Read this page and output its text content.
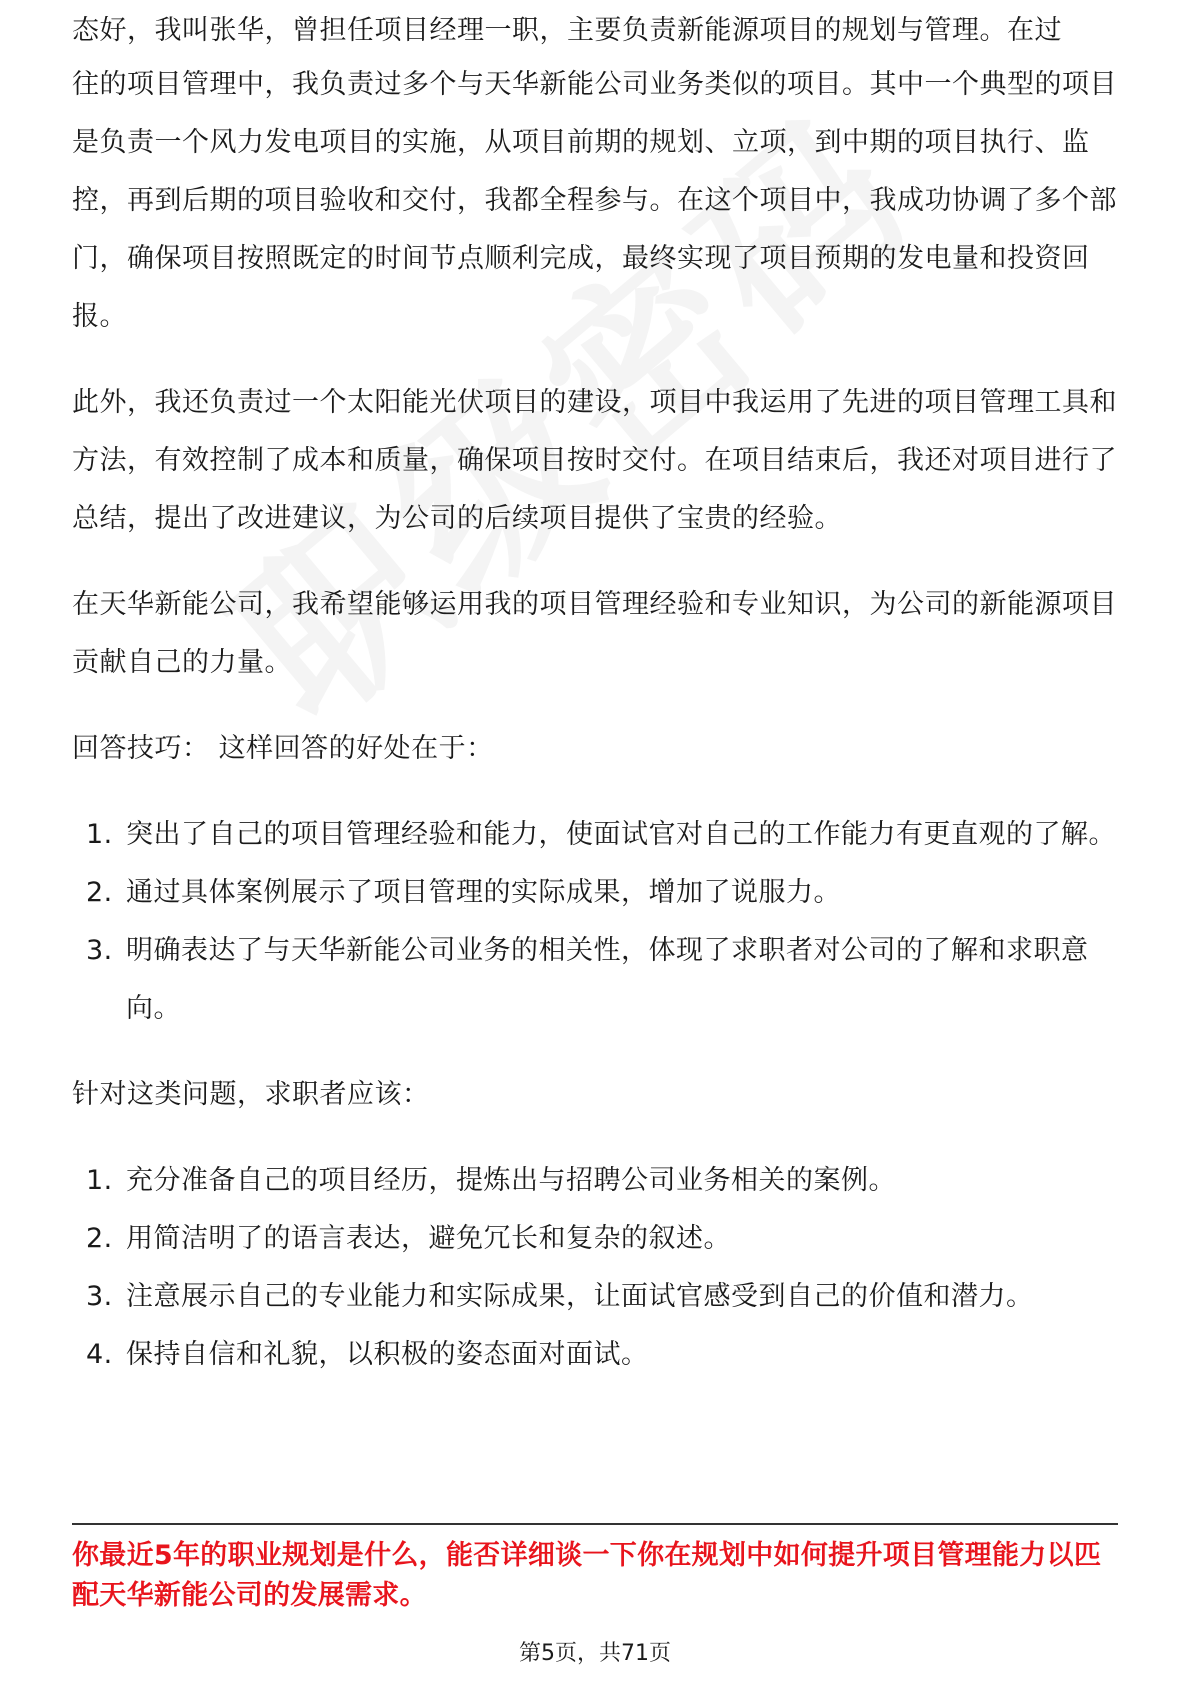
态好，我叫张华，曾担任项目经理一职，主要负责新能源项目的规划与管理。在过

往的项目管理中，我负责过多个与天华新能公司业务类似的项目。其中一个典型的项目是负责一个风力发电项目的实施，从项目前期的规划、立项，到中期的项目执行、监控，再到后期的项目验收和交付，我都全程参与。在这个项目中，我成功协调了多个部门，确保项目按照既定的时间节点顺利完成，最终实现了项目预期的发电量和投资回报。

此外，我还负责过一个太阳能光伏项目的建设，项目中我运用了先进的项目管理工具和方法，有效控制了成本和质量，确保项目按时交付。在项目结束后，我还对项目进行了总结，提出了改进建议，为公司的后续项目提供了宝贵的经验。

在天华新能公司，我希望能够运用我的项目管理经验和专业知识，为公司的新能源项目贡献自己的力量。

回答技巧： 这样回答的好处在于：

1. 突出了自己的项目管理经验和能力，使面试官对自己的工作能力有更直观的了解。
2. 通过具体案例展示了项目管理的实际成果，增加了说服力。
3. 明确表达了与天华新能公司业务的相关性，体现了求职者对公司的了解和求职意向。

针对这类问题，求职者应该：

1. 充分准备自己的项目经历，提炼出与招聘公司业务相关的案例。
2. 用简洁明了的语言表达，避免冗长和复杂的叙述。
3. 注意展示自己的专业能力和实际成果，让面试官感受到自己的价值和潜力。
4. 保持自信和礼貌，以积极的姿态面对面试。
你最近5年的职业规划是什么，能否详细谈一下你在规划中如何提升项目管理能力以匹配天华新能公司的发展需求。
第5页，共71页
